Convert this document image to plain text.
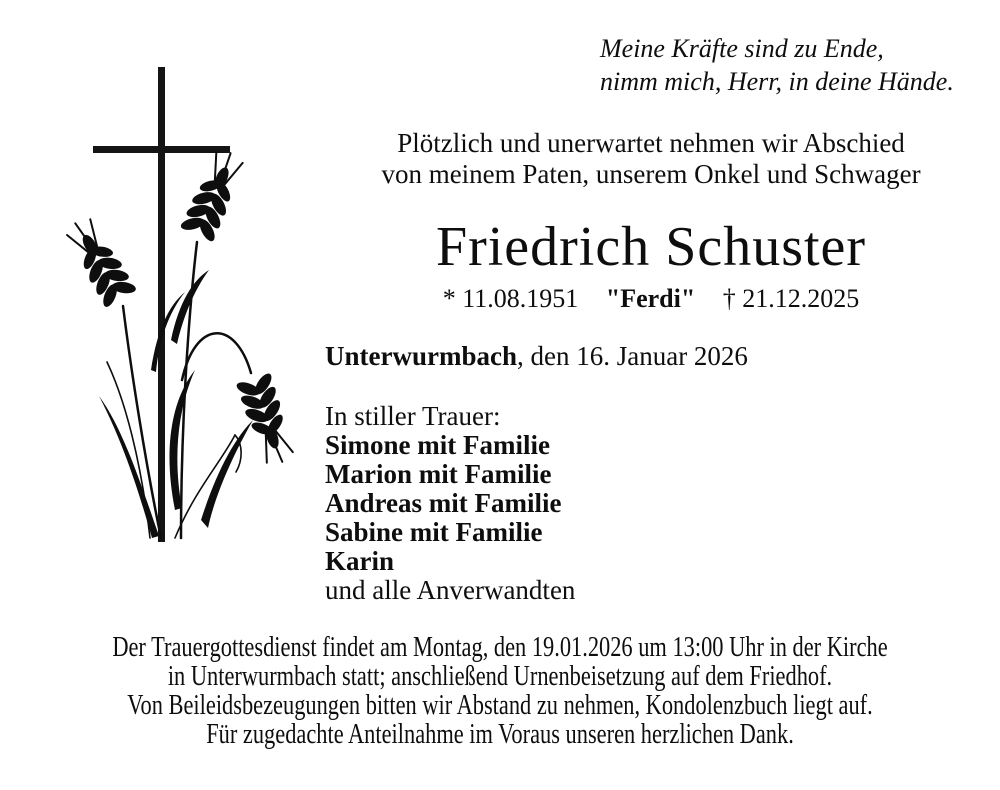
Meine Kräfte sind zu Ende,
nimm mich, Herr, in deine Hände.
Plötzlich und unerwartet nehmen wir Abschied
von meinem Paten, unserem Onkel und Schwager
Friedrich Schuster
* 11.08.1951 "Ferdi" † 21.12.2025
Unterwurmbach, den 16. Januar 2026
In stiller Trauer:
Simone mit Familie
Marion mit Familie
Andreas mit Familie
Sabine mit Familie
Karin
und alle Anverwandten
Der Trauergottesdienst findet am Montag, den 19.01.2026 um 13:00 Uhr in der Kirche
in Unterwurmbach statt; anschließend Urnenbeisetzung auf dem Friedhof.
Von Beileidsbezeugungen bitten wir Abstand zu nehmen, Kondolenzbuch liegt auf.
Für zugedachte Anteilnahme im Voraus unseren herzlichen Dank.
